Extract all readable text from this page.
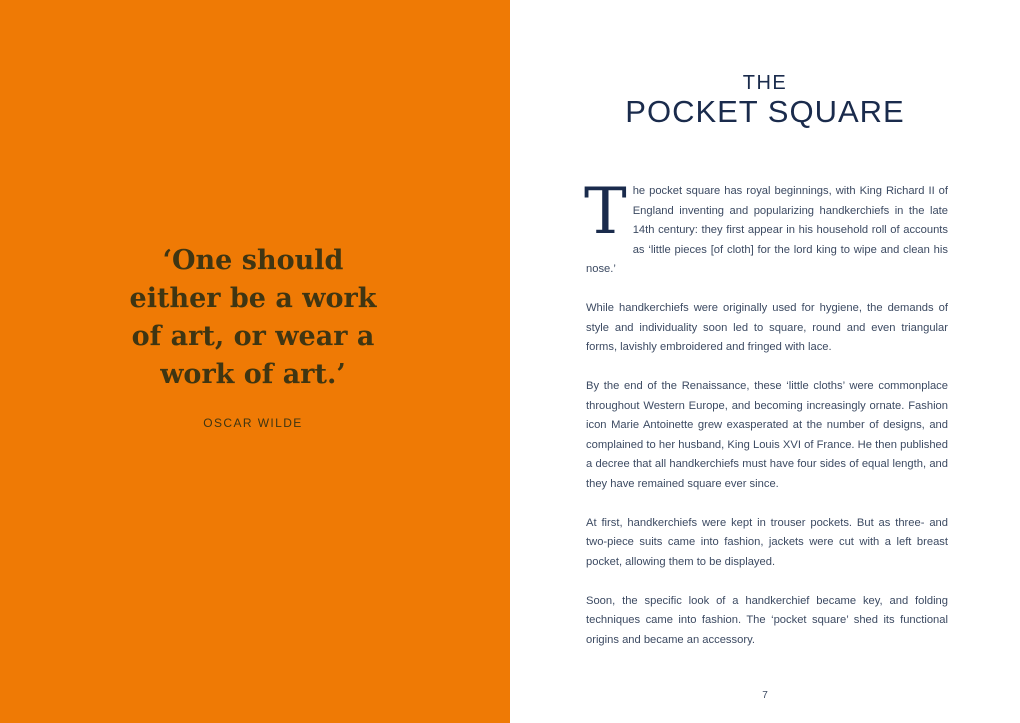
‘One should either be a work of art, or wear a work of art.’
OSCAR WILDE
THE
POCKET SQUARE

The pocket square has royal beginnings, with King Richard II of England inventing and popularizing handkerchiefs in the late 14th century: they first appear in his household roll of accounts as ‘little pieces [of cloth] for the lord king to wipe and clean his nose.’

While handkerchiefs were originally used for hygiene, the demands of style and individuality soon led to square, round and even triangular forms, lavishly embroidered and fringed with lace.

By the end of the Renaissance, these ‘little cloths’ were commonplace throughout Western Europe, and becoming increasingly ornate. Fashion icon Marie Antoinette grew exasperated at the number of designs, and complained to her husband, King Louis XVI of France. He then published a decree that all handkerchiefs must have four sides of equal length, and they have remained square ever since.

At first, handkerchiefs were kept in trouser pockets. But as three- and two-piece suits came into fashion, jackets were cut with a left breast pocket, allowing them to be displayed.

Soon, the specific look of a handkerchief became key, and folding techniques came into fashion. The ‘pocket square’ shed its functional origins and became an accessory.

7
